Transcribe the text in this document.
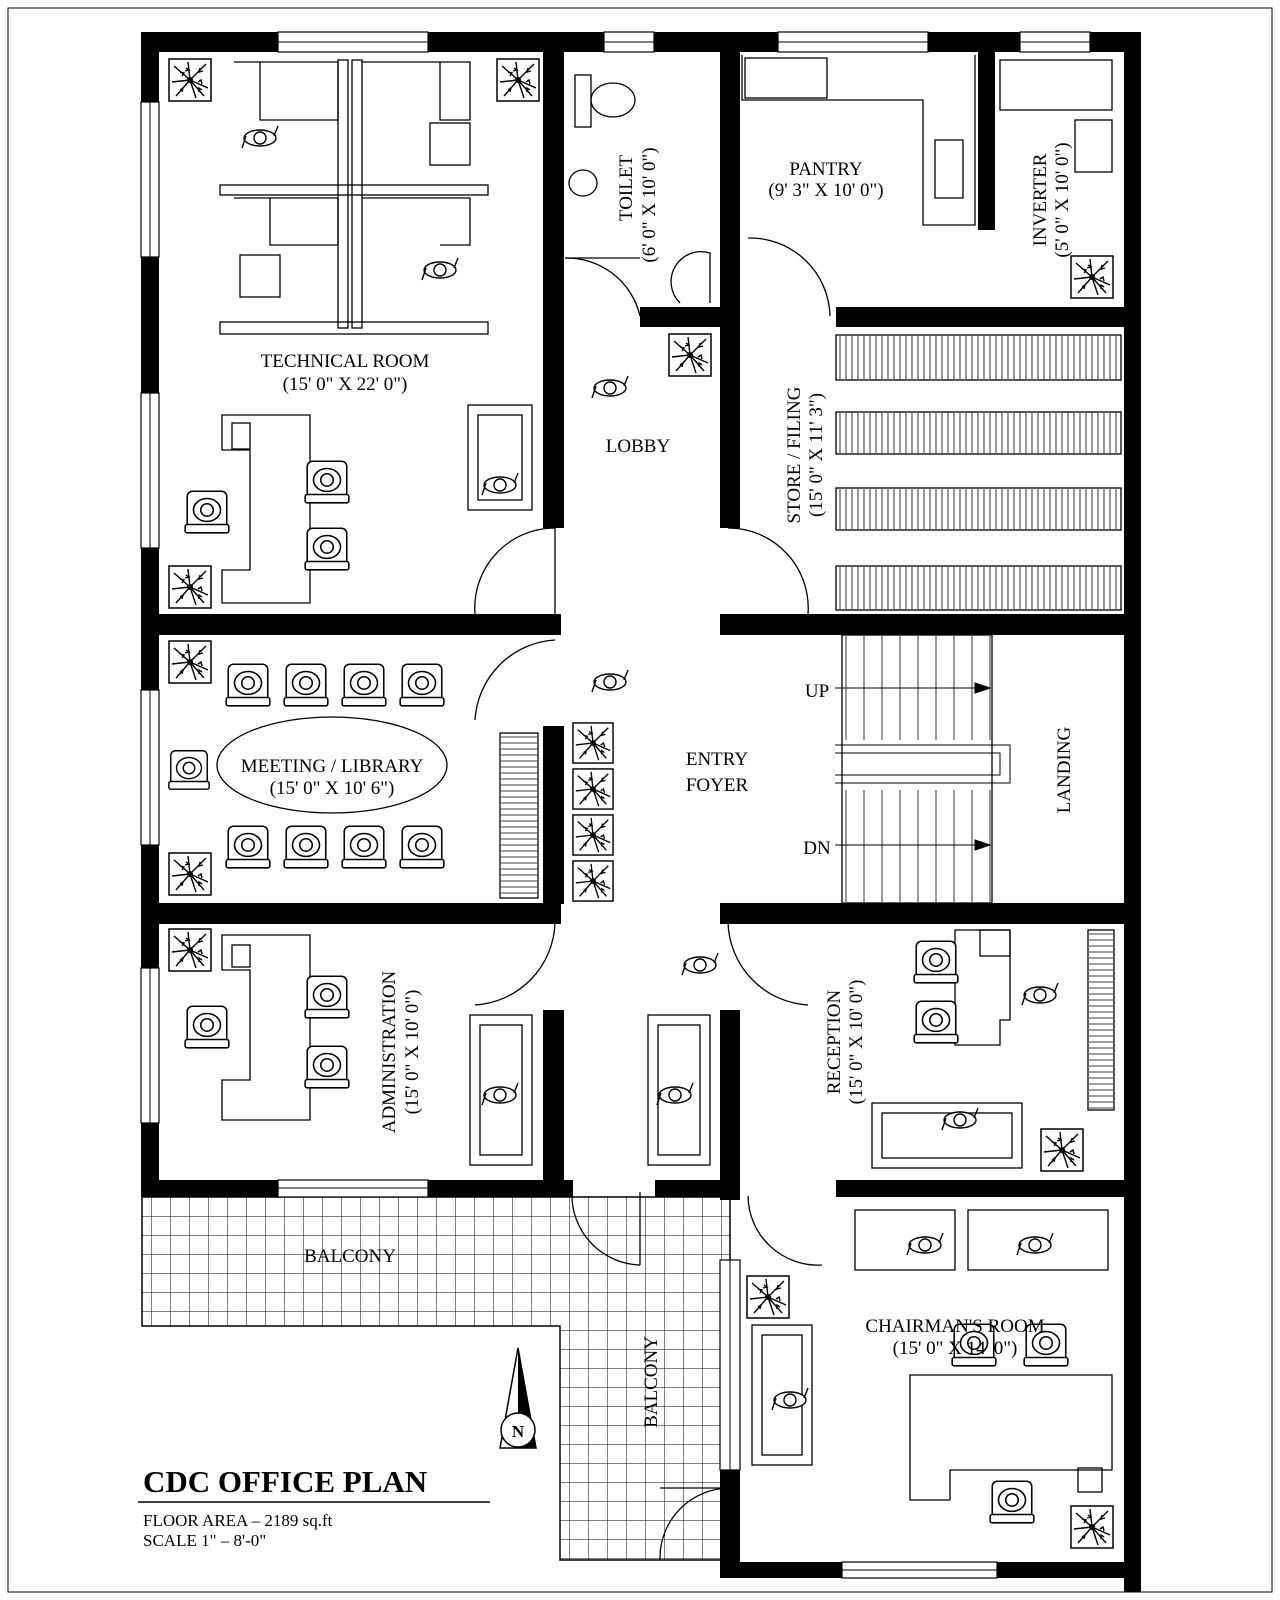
TECHNICAL ROOM
(15' 0" X 22' 0")
TOILET (6' 0" X 10' 0")	PANTRY
(9' 3" X 10' 0")	INVERTER (5' 0" X 10' 0")
LOBBY	STORE / FILING (15' 0" X 11' 3")
MEETING / LIBRARY
(15' 0" X 10' 6")
ENTRY
FOYER
UP
DN
LANDING
ADMINISTRATION (15' 0" X 10' 0")	RECEPTION (15' 0" X 10' 0")
BALCONY
BALCONY
CHAIRMAN'S ROOM
(15' 0" X 14' 0")
N
CDC OFFICE PLAN
FLOOR AREA – 2189 sq.ft
SCALE 1" – 8'-0"
